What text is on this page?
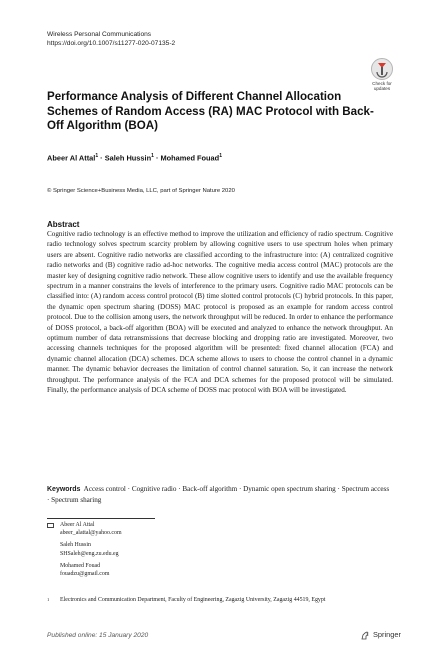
Wireless Personal Communications
https://doi.org/10.1007/s11277-020-07135-2
Check for
updates
Performance Analysis of Different Channel Allocation Schemes of Random Access (RA) MAC Protocol with Back-Off Algorithm (BOA)
Abeer Al Attal$^1$ · Saleh Hussin$^1$ · Mohamed Fouad$^1$
© Springer Science+Business Media, LLC, part of Springer Nature 2020
Abstract
Cognitive radio technology is an effective method to improve the utilization and efficiency of radio spectrum. Cognitive radio technology solves spectrum scarcity problem by allowing cognitive users to use spectrum holes when primary users are absent. Cognitive radio networks are classified according to the infrastructure into: (A) centralized cognitive radio networks and (B) cognitive radio ad-hoc networks. The cognitive media access control (MAC) protocols are the master key of designing cognitive radio network. These allow cognitive users to identify and use the available frequency spectrum in a manner constrains the levels of interference to the primary users. Cognitive radio MAC protocols can be classified into: (A) random access control protocol (B) time slotted control protocols (C) hybrid protocols. In this paper, the dynamic open spectrum sharing (DOSS) MAC protocol is proposed as an example for random access control protocol. Due to the collision among users, the network throughput will be reduced. In order to enhance the performance of DOSS protocol, a back-off algorithm (BOA) will be executed and analyzed to enhance the network throughput. An optimum number of data retransmissions that decrease blocking and dropping ratio are investigated. Moreover, two accessing channels techniques for the proposed algorithm will be presented: fixed channel allocation (FCA) and dynamic channel allocation (DCA) schemes. DCA scheme allows to users to choose the control channel in a dynamic manner. The dynamic behavior decreases the limitation of control channel saturation. So, it can increase the network throughput. The performance analysis of the FCA and DCA schemes for the proposed protocol will be simulated. Finally, the performance analysis of DCA scheme of DOSS mac protocol with BOA will be investigated.
Keywords Access control · Cognitive radio · Back-off algorithm · Dynamic open spectrum sharing · Spectrum access · Spectrum sharing
Abeer Al Attal
abeer_alattal@yahoo.com
Saleh Hussin
SHSaleh@eng.zu.edu.eg
Mohamed Fouad
fouadzu@gmail.com
1	Electronics and Communication Department, Faculty of Engineering, Zagazig University, Zagazig 44519, Egypt
Published online: 15 January 2020	Springer
